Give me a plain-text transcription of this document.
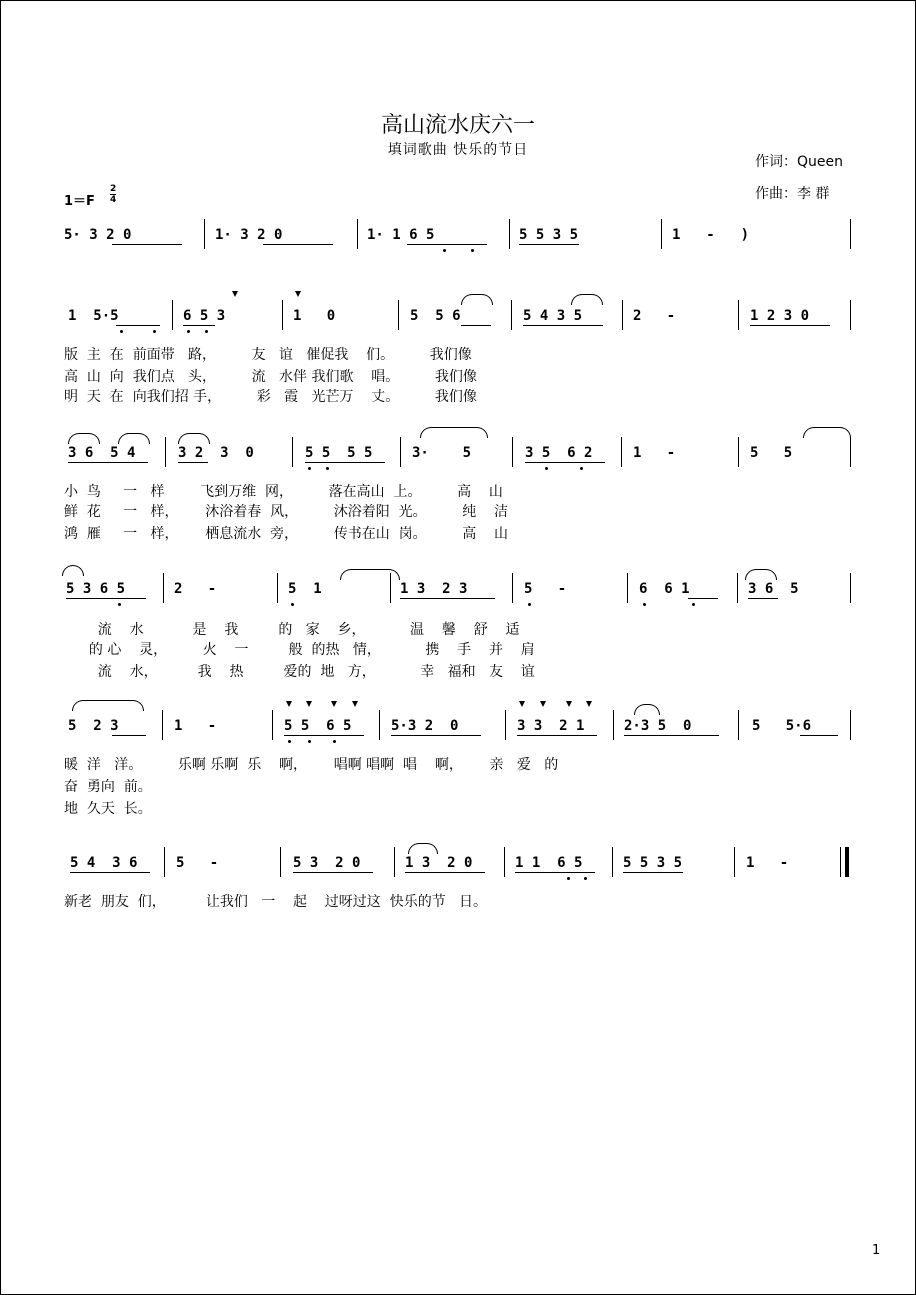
高山流水庆六一
填词歌曲 快乐的节日
作词：Queen
作曲：李 群
$1=F \frac{2}{4}$
5· 3 2 0	1· 3 2 0	1· 1 6 5	5 5 3 5	1  -  )
1  5·5	6 5 3	1   0	5  5 6	5 4 3 5	2   -	1 2 3 0
版  主  在  前面带   路，        友   谊   催促我    们。        我们像
高  山  向  我们点   头，        流   水伴 我们歌    唱。        我们像
明  天  在  向我们招 手，        彩   霞   光芒万    丈。        我们像
3 6  5 4	3 2  3  0	5 5  5 5	3·    5	3 5  6 2	1   -	5   5
小  鸟     一   样        飞到万维  网，        落在高山  上。        高    山
鲜  花     一   样，      沐浴着春  风，        沐浴着阳  光。        纯    洁
鸿  雁     一   样，      栖息流水  旁，        传书在山  岗。        高    山
5 3 6 5	2   -	5  1	1 3  2 3	5   -	6  6 1	3 6  5
流    水           是    我         的   家    乡，          温    馨    舒    适
的 心    灵，        火    一         般  的热   情，          携    手    并    肩
流    水，         我    热         爱的  地   方，          幸   福和   友    谊
5  2 3	1   -	5 5  6 5	5·3 2  0	3 3  2 1	2·3 5  0	5   5·6
暖  洋   洋。        乐啊 乐啊  乐    啊，      唱啊 唱啊  唱    啊，      亲   爱   的
奋  勇向  前。
地  久天  长。
5 4  3 6	5   -	5 3  2 0	1 3  2 0	1 1  6 5	5 5 3 5	1   -
新老  朋友  们，         让我们   一    起    过呀过这  快乐的节   日。
1
